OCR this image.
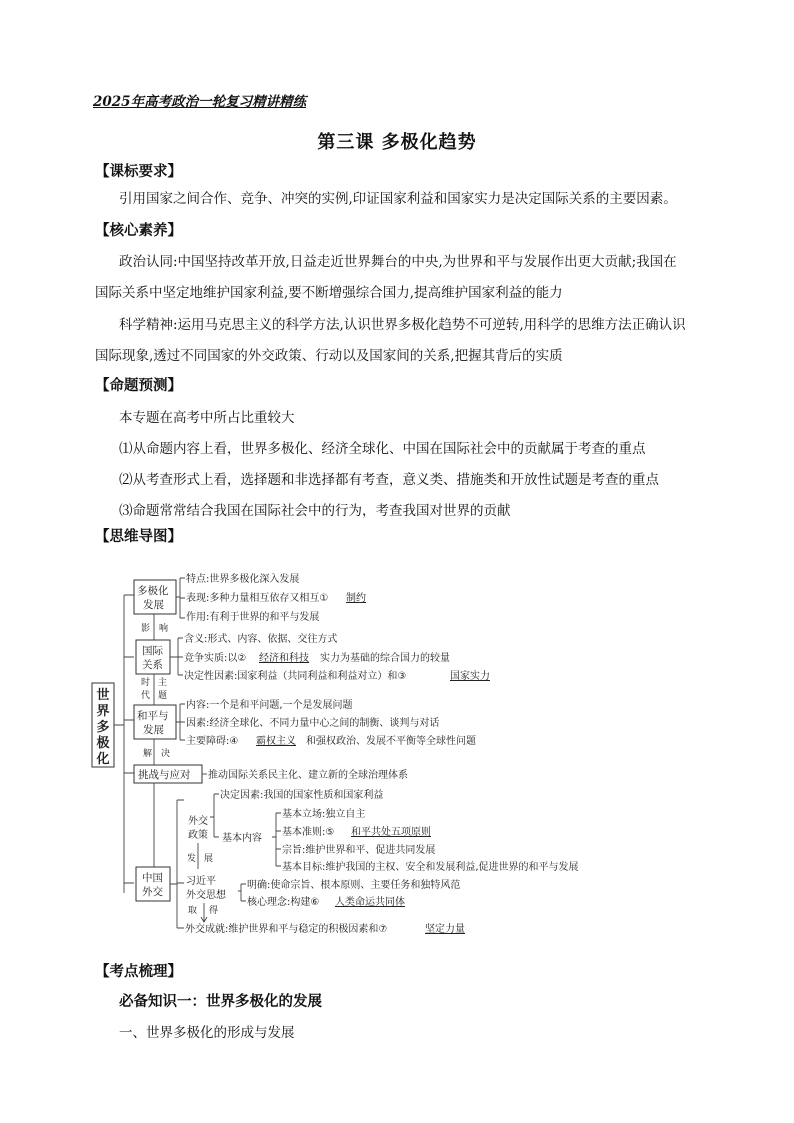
2025年高考政治一轮复习精讲精练
第三课 多极化趋势
【课标要求】
引用国家之间合作、竞争、冲突的实例,印证国家利益和国家实力是决定国际关系的主要因素。
【核心素养】
政治认同:中国坚持改革开放,日益走近世界舞台的中央,为世界和平与发展作出更大贡献;我国在
国际关系中坚定地维护国家利益,要不断增强综合国力,提高维护国家利益的能力
科学精神:运用马克思主义的科学方法,认识世界多极化趋势不可逆转,用科学的思维方法正确认识
国际现象,透过不同国家的外交政策、行动以及国家间的关系,把握其背后的实质
【命题预测】
本专题在高考中所占比重较大
⑴从命题内容上看，世界多极化、经济全球化、中国在国际社会中的贡献属于考查的重点
⑵从考查形式上看，选择题和非选择都有考查，意义类、措施类和开放性试题是考查的重点
⑶命题常常结合我国在国际社会中的行为，考查我国对世界的贡献
【思维导图】
世
界
多
极
化
多极化
发展
国际
关系
和平与
发展
挑战与应对
中国
外交
影 响
时 主
代 题
解 决
特点:世界多极化深入发展
表现:多种力量相互依存又相互① 制约
作用:有利于世界的和平与发展
含义:形式、内容、依据、交往方式
竞争实质:以② 经济和科技 实力为基础的综合国力的较量
决定性因素:国家利益（共同利益和利益对立）和③	国家实力
内容:一个是和平问题,一个是发展问题
因素:经济全球化、不同力量中心之间的制衡、谈判与对话
主要障碍:④ 霸权主义 和强权政治、发展不平衡等全球性问题
推动国际关系民主化、建立新的全球治理体系
外交
政策
决定因素:我国的国家性质和国家利益
基本内容
基本立场:独立自主
基本准则:⑤ 和平共处五项原则
宗旨:维护世界和平、促进共同发展
基本目标:维护我国的主权、安全和发展利益,促进世界的和平与发展
发 展
习近平
外交思想
明确:使命宗旨、根本原则、主要任务和独特风范
核心理念:构建⑥ 人类命运共同体
取 得
外交成就:维护世界和平与稳定的积极因素和⑦	坚定力量
【考点梳理】
必备知识一：世界多极化的发展
一、世界多极化的形成与发展
